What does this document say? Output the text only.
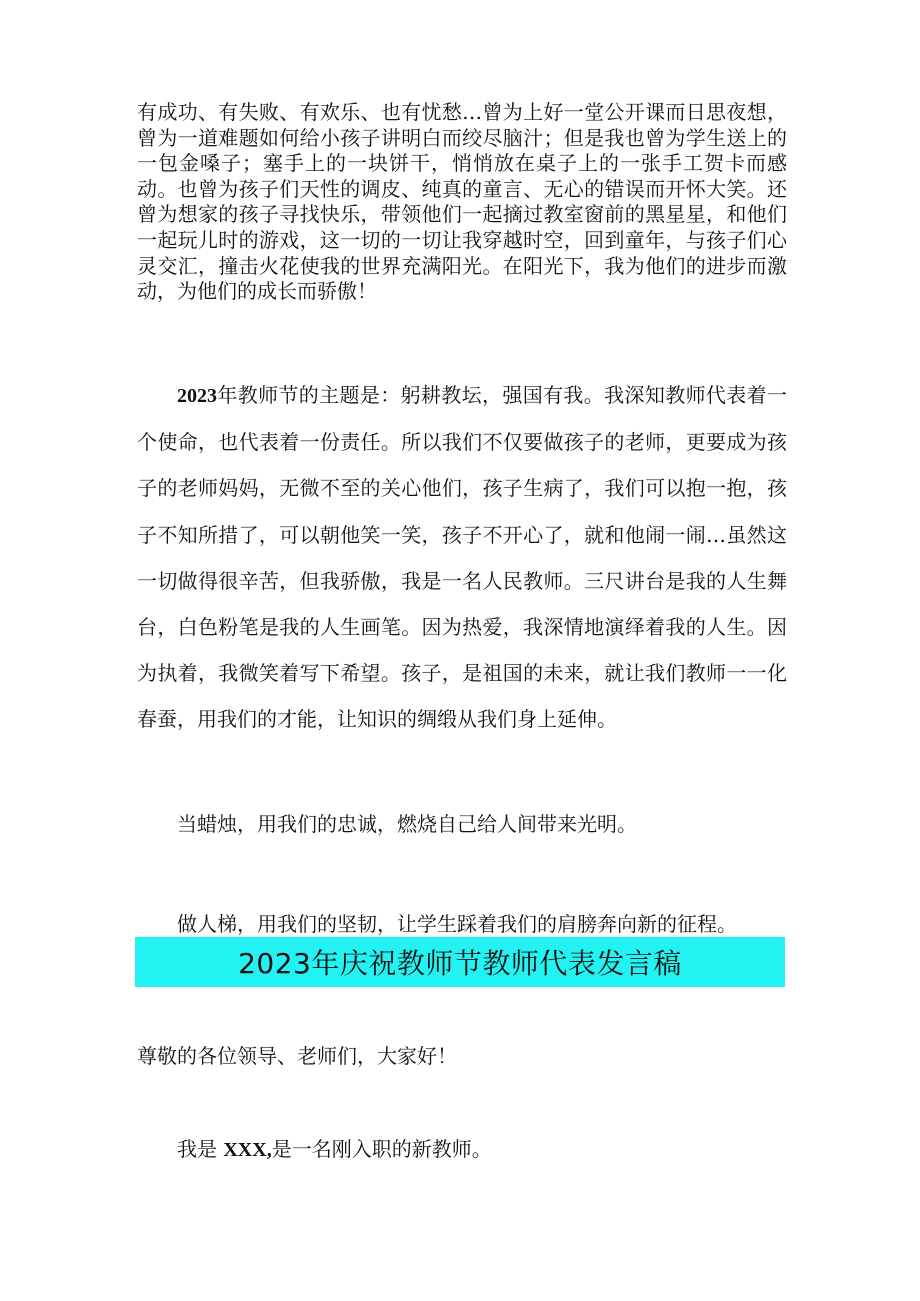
有成功、有失败、有欢乐、也有忧愁…曾为上好一堂公开课而日思夜想，曾为一道难题如何给小孩子讲明白而绞尽脑汁；但是我也曾为学生送上的一包金嗓子；塞手上的一块饼干，悄悄放在桌子上的一张手工贺卡而感动。也曾为孩子们天性的调皮、纯真的童言、无心的错误而开怀大笑。还曾为想家的孩子寻找快乐，带领他们一起摘过教室窗前的黑星星，和他们一起玩儿时的游戏，这一切的一切让我穿越时空，回到童年，与孩子们心灵交汇，撞击火花使我的世界充满阳光。在阳光下，我为他们的进步而激动，为他们的成长而骄傲！

2023年教师节的主题是：躬耕教坛，强国有我。我深知教师代表着一个使命，也代表着一份责任。所以我们不仅要做孩子的老师，更要成为孩子的老师妈妈，无微不至的关心他们，孩子生病了，我们可以抱一抱，孩子不知所措了，可以朝他笑一笑，孩子不开心了，就和他闹一闹…虽然这一切做得很辛苦，但我骄傲，我是一名人民教师。三尺讲台是我的人生舞台，白色粉笔是我的人生画笔。因为热爱，我深情地演绎着我的人生。因为执着，我微笑着写下希望。孩子，是祖国的未来，就让我们教师一一化春蚕，用我们的才能，让知识的绸缎从我们身上延伸。

当蜡烛，用我们的忠诚，燃烧自己给人间带来光明。

做人梯，用我们的坚韧，让学生踩着我们的肩膀奔向新的征程。

2023年庆祝教师节教师代表发言稿

尊敬的各位领导、老师们，大家好！

我是 XXX,是一名刚入职的新教师。
